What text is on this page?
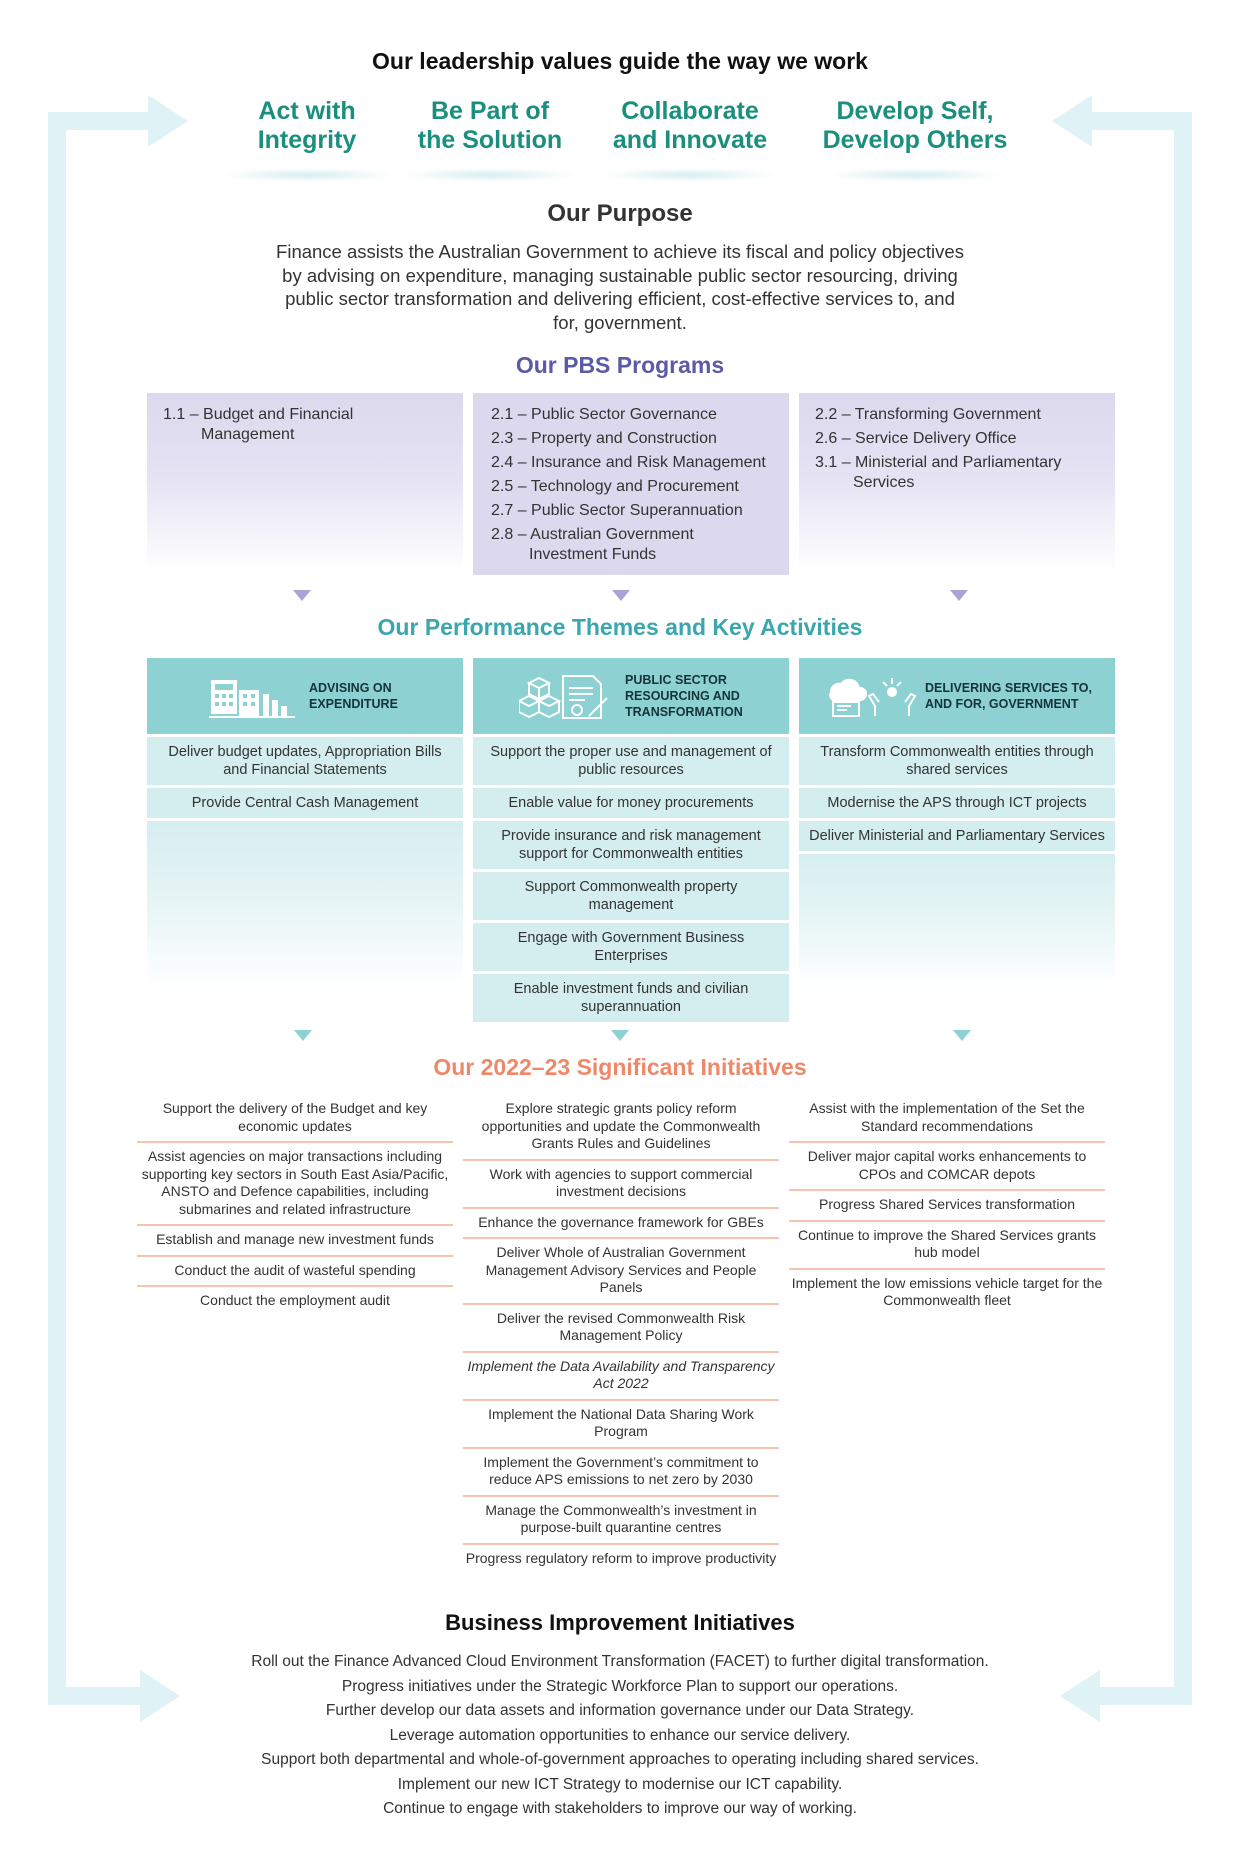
Our leadership values guide the way we work
Act with
Integrity
Be Part of
the Solution
Collaborate
and Innovate
Develop Self,
Develop Others
Our Purpose
Finance assists the Australian Government to achieve its fiscal and policy objectives by advising on expenditure, managing sustainable public sector resourcing, driving public sector transformation and delivering efficient, cost-effective services to, and for, government.
Our PBS Programs
1.1 – Budget and Financial Management
2.1 – Public Sector Governance
2.3 – Property and Construction
2.4 – Insurance and Risk Management
2.5 – Technology and Procurement
2.7 – Public Sector Superannuation
2.8 – Australian Government Investment Funds
2.2 – Transforming Government
2.6 – Service Delivery Office
3.1 – Ministerial and Parliamentary Services
Our Performance Themes and Key Activities
ADVISING ON EXPENDITURE
Deliver budget updates, Appropriation Bills and Financial Statements
Provide Central Cash Management
PUBLIC SECTOR RESOURCING AND TRANSFORMATION
Support the proper use and management of public resources
Enable value for money procurements
Provide insurance and risk management support for Commonwealth entities
Support Commonwealth property management
Engage with Government Business Enterprises
Enable investment funds and civilian superannuation
DELIVERING SERVICES TO, AND FOR, GOVERNMENT
Transform Commonwealth entities through shared services
Modernise the APS through ICT projects
Deliver Ministerial and Parliamentary Services
Our 2022–23 Significant Initiatives
Support the delivery of the Budget and key economic updates
Assist agencies on major transactions including supporting key sectors in South East Asia/Pacific, ANSTO and Defence capabilities, including submarines and related infrastructure
Establish and manage new investment funds
Conduct the audit of wasteful spending
Conduct the employment audit
Explore strategic grants policy reform opportunities and update the Commonwealth Grants Rules and Guidelines
Work with agencies to support commercial investment decisions
Enhance the governance framework for GBEs
Deliver Whole of Australian Government Management Advisory Services and People Panels
Deliver the revised Commonwealth Risk Management Policy
Implement the Data Availability and Transparency Act 2022
Implement the National Data Sharing Work Program
Implement the Government’s commitment to reduce APS emissions to net zero by 2030
Manage the Commonwealth’s investment in purpose-built quarantine centres
Progress regulatory reform to improve productivity
Assist with the implementation of the Set the Standard recommendations
Deliver major capital works enhancements to CPOs and COMCAR depots
Progress Shared Services transformation
Continue to improve the Shared Services grants hub model
Implement the low emissions vehicle target for the Commonwealth fleet
Business Improvement Initiatives
Roll out the Finance Advanced Cloud Environment Transformation (FACET) to further digital transformation.
Progress initiatives under the Strategic Workforce Plan to support our operations.
Further develop our data assets and information governance under our Data Strategy.
Leverage automation opportunities to enhance our service delivery.
Support both departmental and whole-of-government approaches to operating including shared services.
Implement our new ICT Strategy to modernise our ICT capability.
Continue to engage with stakeholders to improve our way of working.
